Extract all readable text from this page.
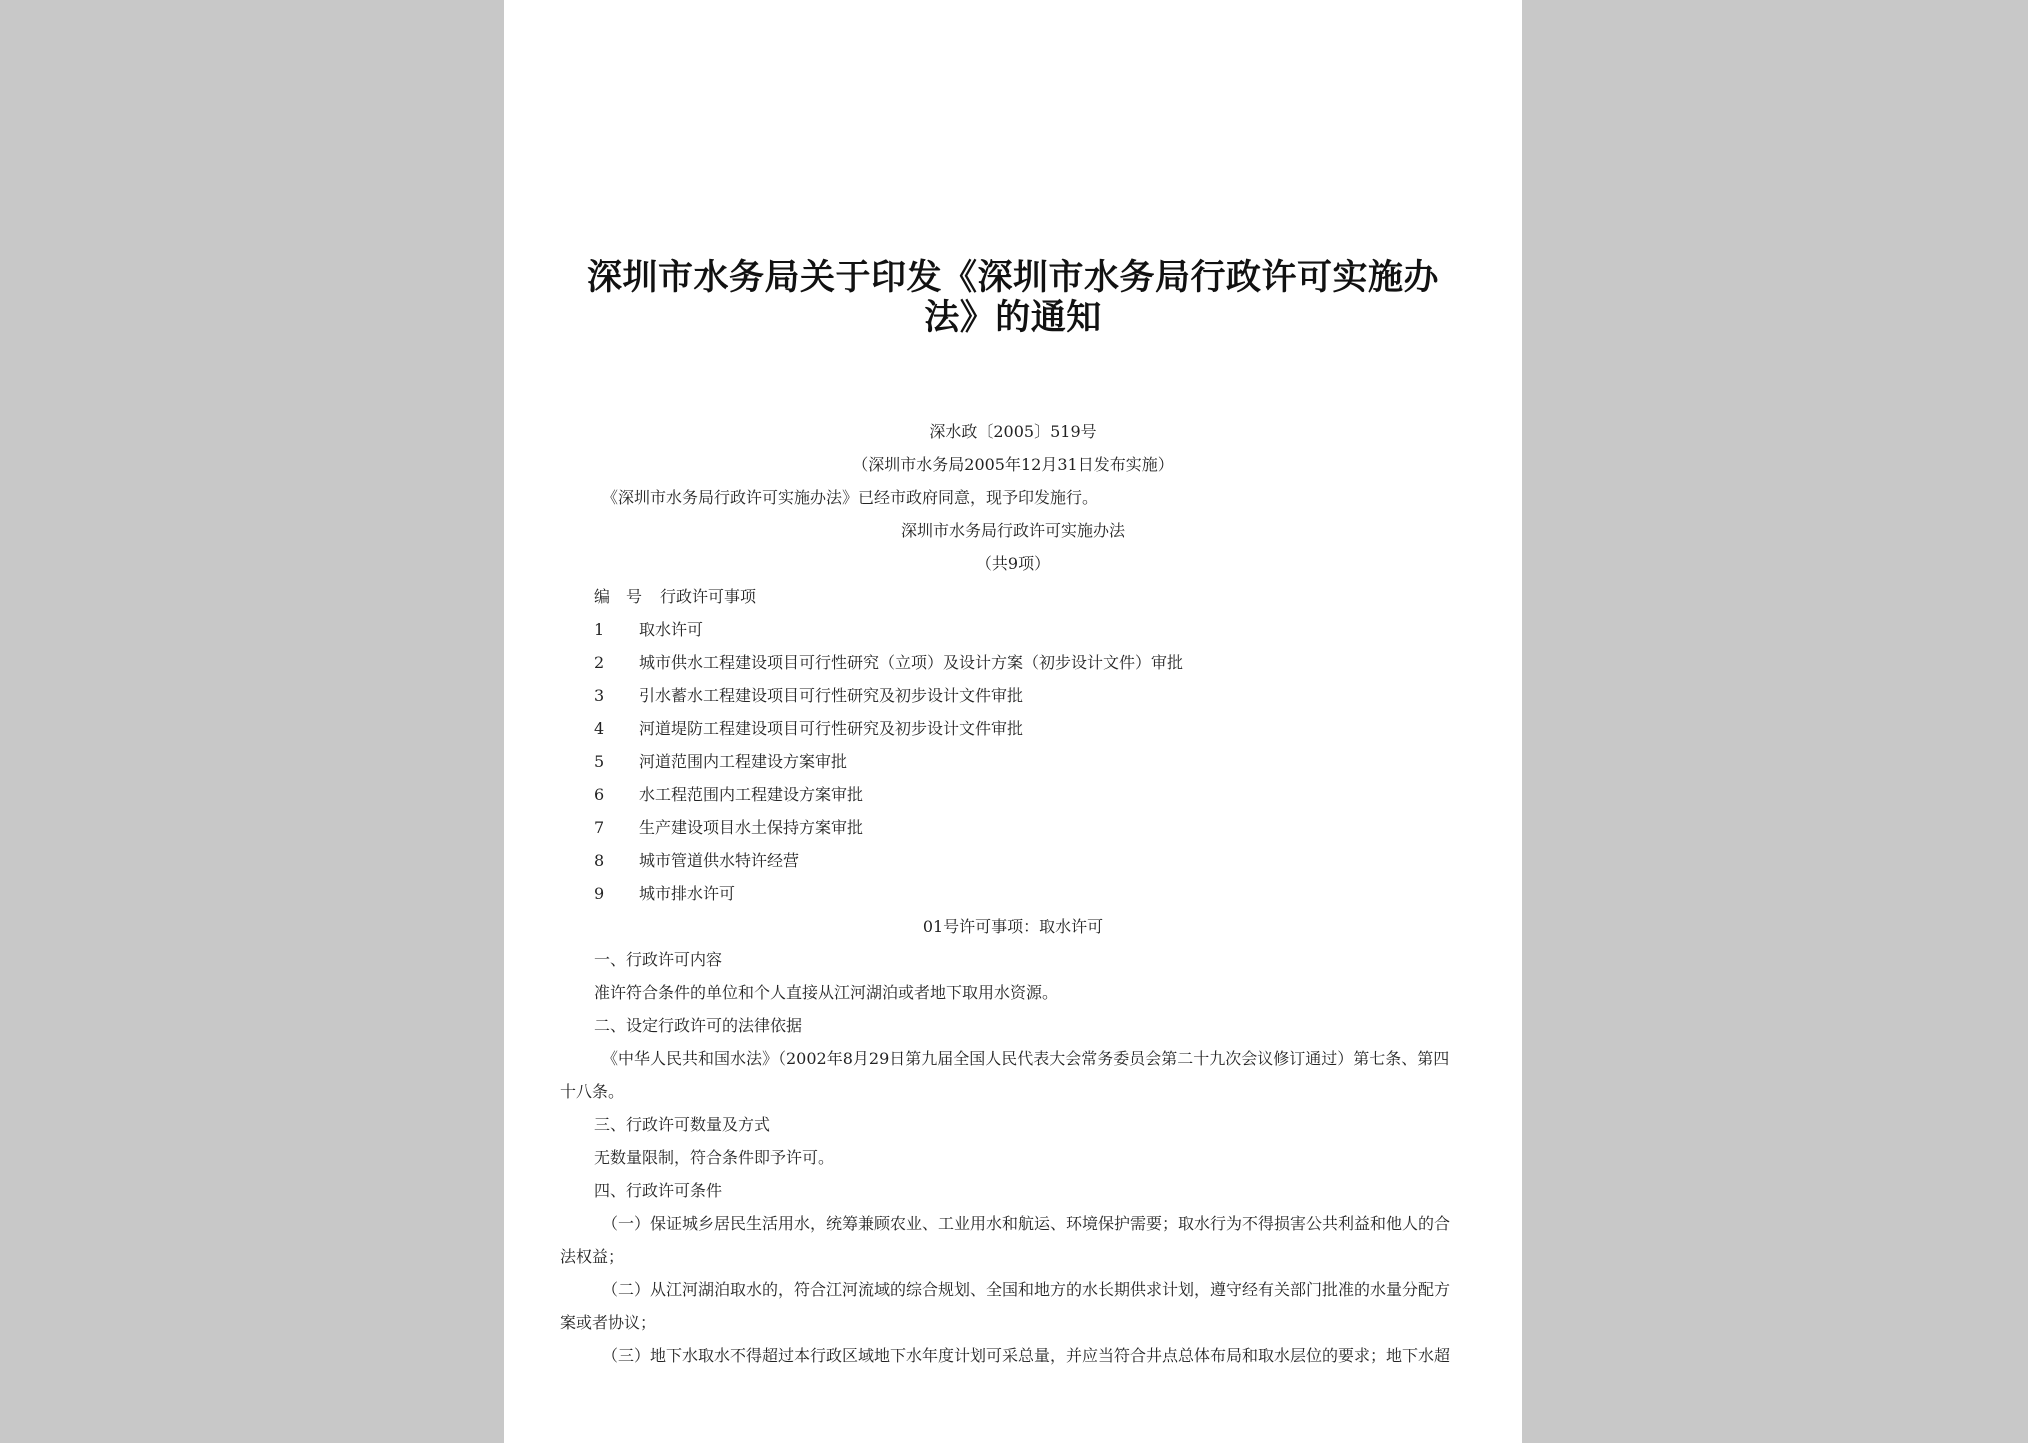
深圳市水务局关于印发《深圳市水务局行政许可实施办法》的通知
深水政〔2005〕519号
（深圳市水务局2005年12月31日发布实施）
《深圳市水务局行政许可实施办法》已经市政府同意，现予印发施行。
深圳市水务局行政许可实施办法
（共9项）
编　号 行政许可事项
1 取水许可
2 城市供水工程建设项目可行性研究（立项）及设计方案（初步设计文件）审批
3 引水蓄水工程建设项目可行性研究及初步设计文件审批
4 河道堤防工程建设项目可行性研究及初步设计文件审批
5 河道范围内工程建设方案审批
6 水工程范围内工程建设方案审批
7 生产建设项目水土保持方案审批
8 城市管道供水特许经营
9 城市排水许可
01号许可事项：取水许可
一、行政许可内容
准许符合条件的单位和个人直接从江河湖泊或者地下取用水资源。
二、设定行政许可的法律依据
《中华人民共和国水法》（2002年8月29日第九届全国人民代表大会常务委员会第二十九次会议修订通过）第七条、第四
十八条。
三、行政许可数量及方式
无数量限制，符合条件即予许可。
四、行政许可条件
（一）保证城乡居民生活用水，统筹兼顾农业、工业用水和航运、环境保护需要；取水行为不得损害公共利益和他人的合
法权益；
（二）从江河湖泊取水的，符合江河流域的综合规划、全国和地方的水长期供求计划，遵守经有关部门批准的水量分配方
案或者协议；
（三）地下水取水不得超过本行政区域地下水年度计划可采总量，并应当符合井点总体布局和取水层位的要求；地下水超
